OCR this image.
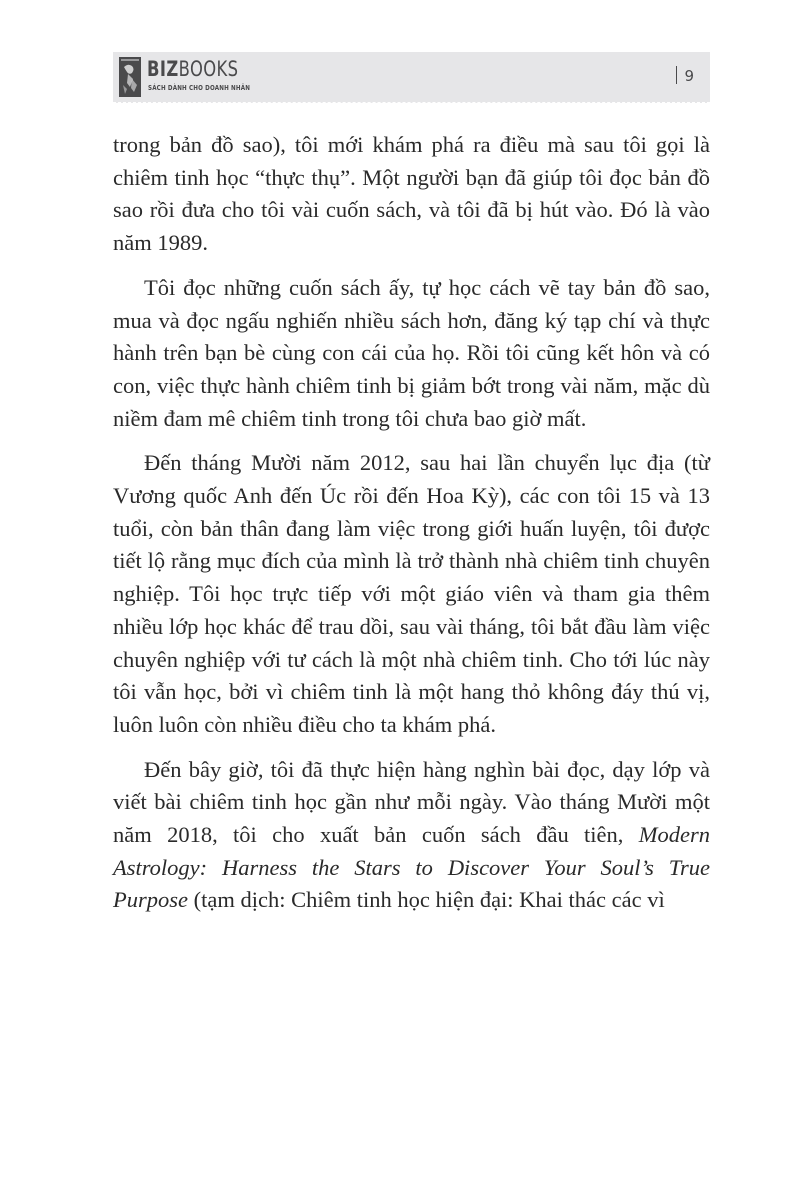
BIZBOOKS
SÁCH DÀNH CHO DOANH NHÂN
9

trong bản đồ sao), tôi mới khám phá ra điều mà sau tôi gọi là chiêm tinh học “thực thụ”. Một người bạn đã giúp tôi đọc bản đồ sao rồi đưa cho tôi vài cuốn sách, và tôi đã bị hút vào. Đó là vào năm 1989.

Tôi đọc những cuốn sách ấy, tự học cách vẽ tay bản đồ sao, mua và đọc ngấu nghiến nhiều sách hơn, đăng ký tạp chí và thực hành trên bạn bè cùng con cái của họ. Rồi tôi cũng kết hôn và có con, việc thực hành chiêm tinh bị giảm bớt trong vài năm, mặc dù niềm đam mê chiêm tinh trong tôi chưa bao giờ mất.

Đến tháng Mười năm 2012, sau hai lần chuyển lục địa (từ Vương quốc Anh đến Úc rồi đến Hoa Kỳ), các con tôi 15 và 13 tuổi, còn bản thân đang làm việc trong giới huấn luyện, tôi được tiết lộ rằng mục đích của mình là trở thành nhà chiêm tinh chuyên nghiệp. Tôi học trực tiếp với một giáo viên và tham gia thêm nhiều lớp học khác để trau dồi, sau vài tháng, tôi bắt đầu làm việc chuyên nghiệp với tư cách là một nhà chiêm tinh. Cho tới lúc này tôi vẫn học, bởi vì chiêm tinh là một hang thỏ không đáy thú vị, luôn luôn còn nhiều điều cho ta khám phá.

Đến bây giờ, tôi đã thực hiện hàng nghìn bài đọc, dạy lớp và viết bài chiêm tinh học gần như mỗi ngày. Vào tháng Mười một năm 2018, tôi cho xuất bản cuốn sách đầu tiên, Modern Astrology: Harness the Stars to Discover Your Soul’s True Purpose (tạm dịch: Chiêm tinh học hiện đại: Khai thác các vì
